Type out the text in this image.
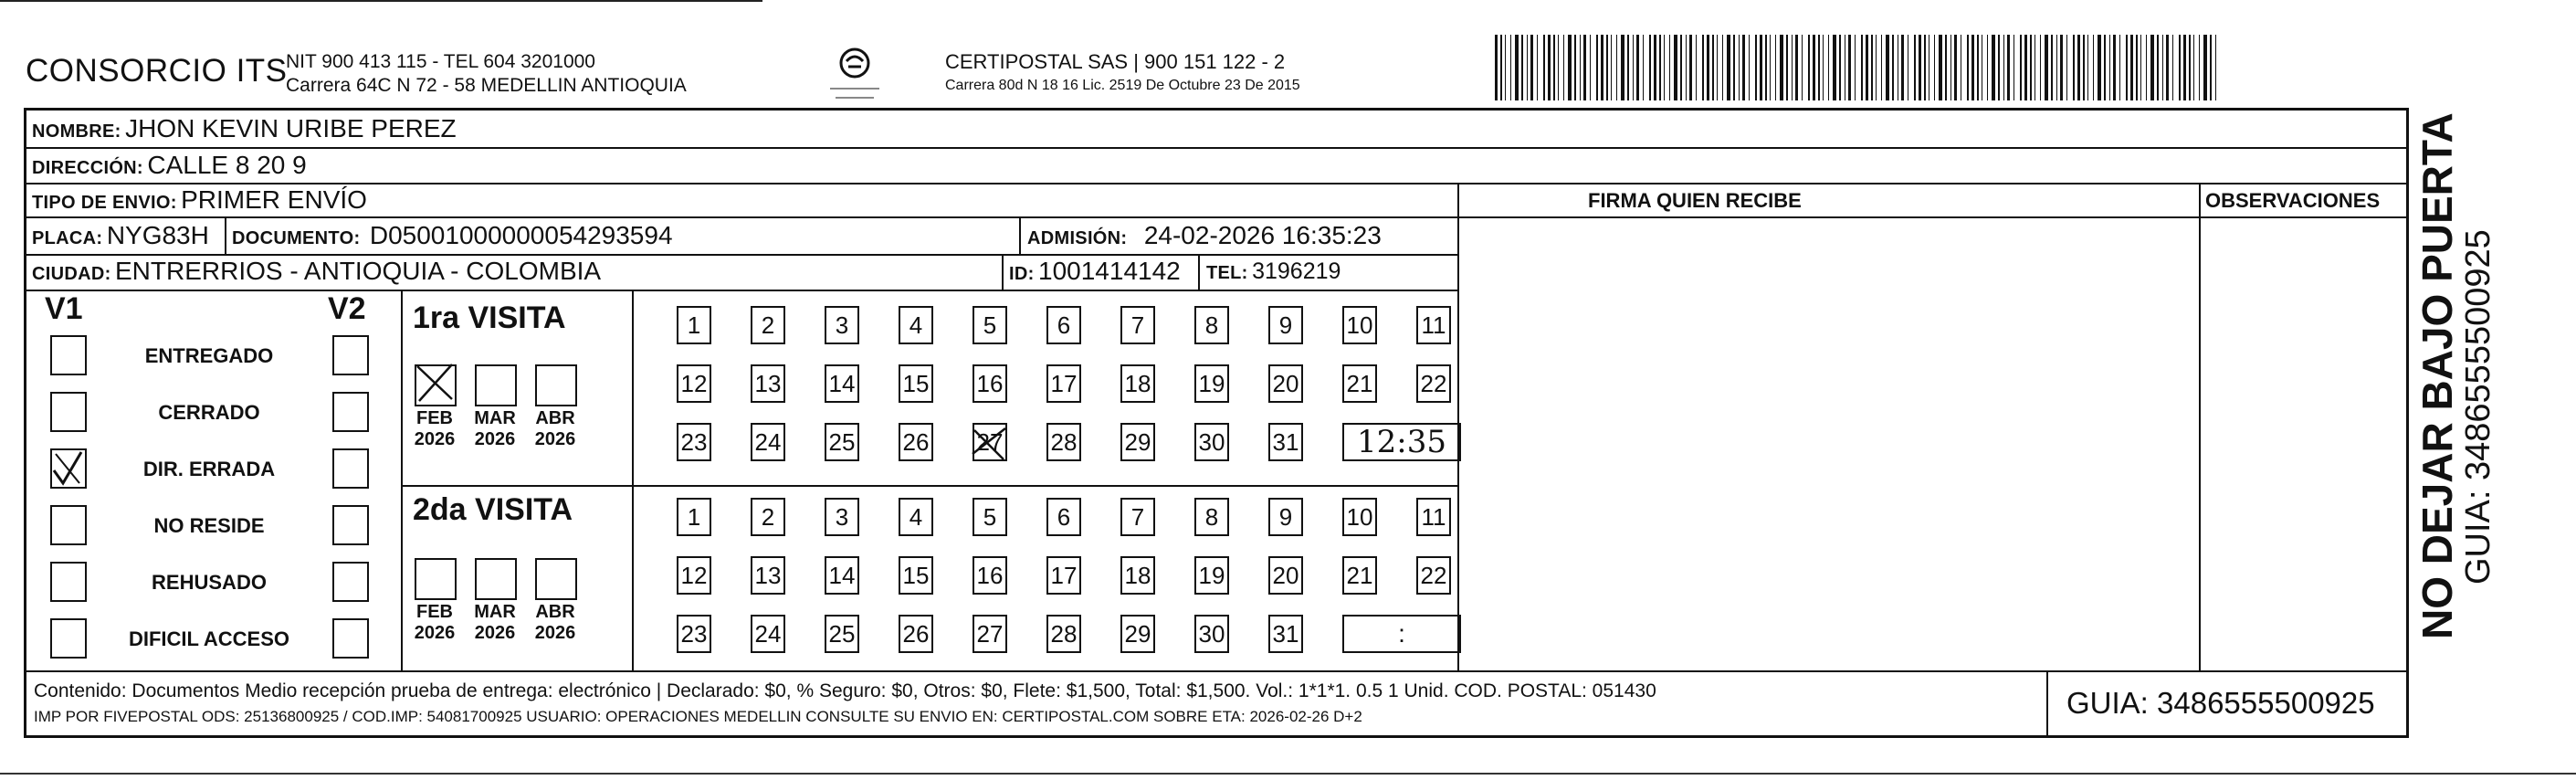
CONSORCIO ITS
NIT 900 413 115 - TEL 604 3201000
Carrera 64C N 72 - 58 MEDELLIN ANTIOQUIA
CERTIPOSTAL SAS | 900 151 122 - 2
Carrera 80d N 18 16 Lic. 2519 De Octubre 23 De 2015
NOMBRE: JHON KEVIN URIBE PEREZ
DIRECCIÓN: CALLE 8 20 9
TIPO DE ENVIO: PRIMER ENVÍO	FIRMA QUIEN RECIBE	OBSERVACIONES
PLACA: NYG83H DOCUMENTO: D05001000000054293594	ADMISIÓN: 24-02-2026 16:35:23
CIUDAD: ENTRERRIOS - ANTIOQUIA - COLOMBIA	ID: 1001414142 TEL: 3196219
V1	V2
ENTREGADO
CERRADO
DIR. ERRADA
NO RESIDE
REHUSADO
DIFICIL ACCESO
1ra VISITA
2da VISITA
FEB
2026
MAR
2026
ABR
2026
FEB
2026
MAR
2026
ABR
2026
1	2	3	4	5	6	7	8	9	10 11
12 13 14 15 16 17 18 19 20 21 22
23 24 25 26 27 28 29 30 31	12:35
1	2	3	4	5	6	7	8	9	10 11
12 13 14 15 16 17 18 19 20 21 22
23 24 25 26 27 28 29 30 31	:
Contenido: Documentos Medio recepción prueba de entrega: electrónico | Declarado: $0, % Seguro: $0, Otros: $0, Flete: $1,500, Total: $1,500. Vol.: 1*1*1. 0.5 1 Unid. COD. POSTAL: 051430
IMP POR FIVEPOSTAL ODS: 25136800925 / COD.IMP: 54081700925 USUARIO: OPERACIONES MEDELLIN CONSULTE SU ENVIO EN: CERTIPOSTAL.COM SOBRE ETA: 2026-02-26 D+2	GUIA: 3486555500925
NO DEJAR BAJO PUERTA
GUIA: 3486555500925
